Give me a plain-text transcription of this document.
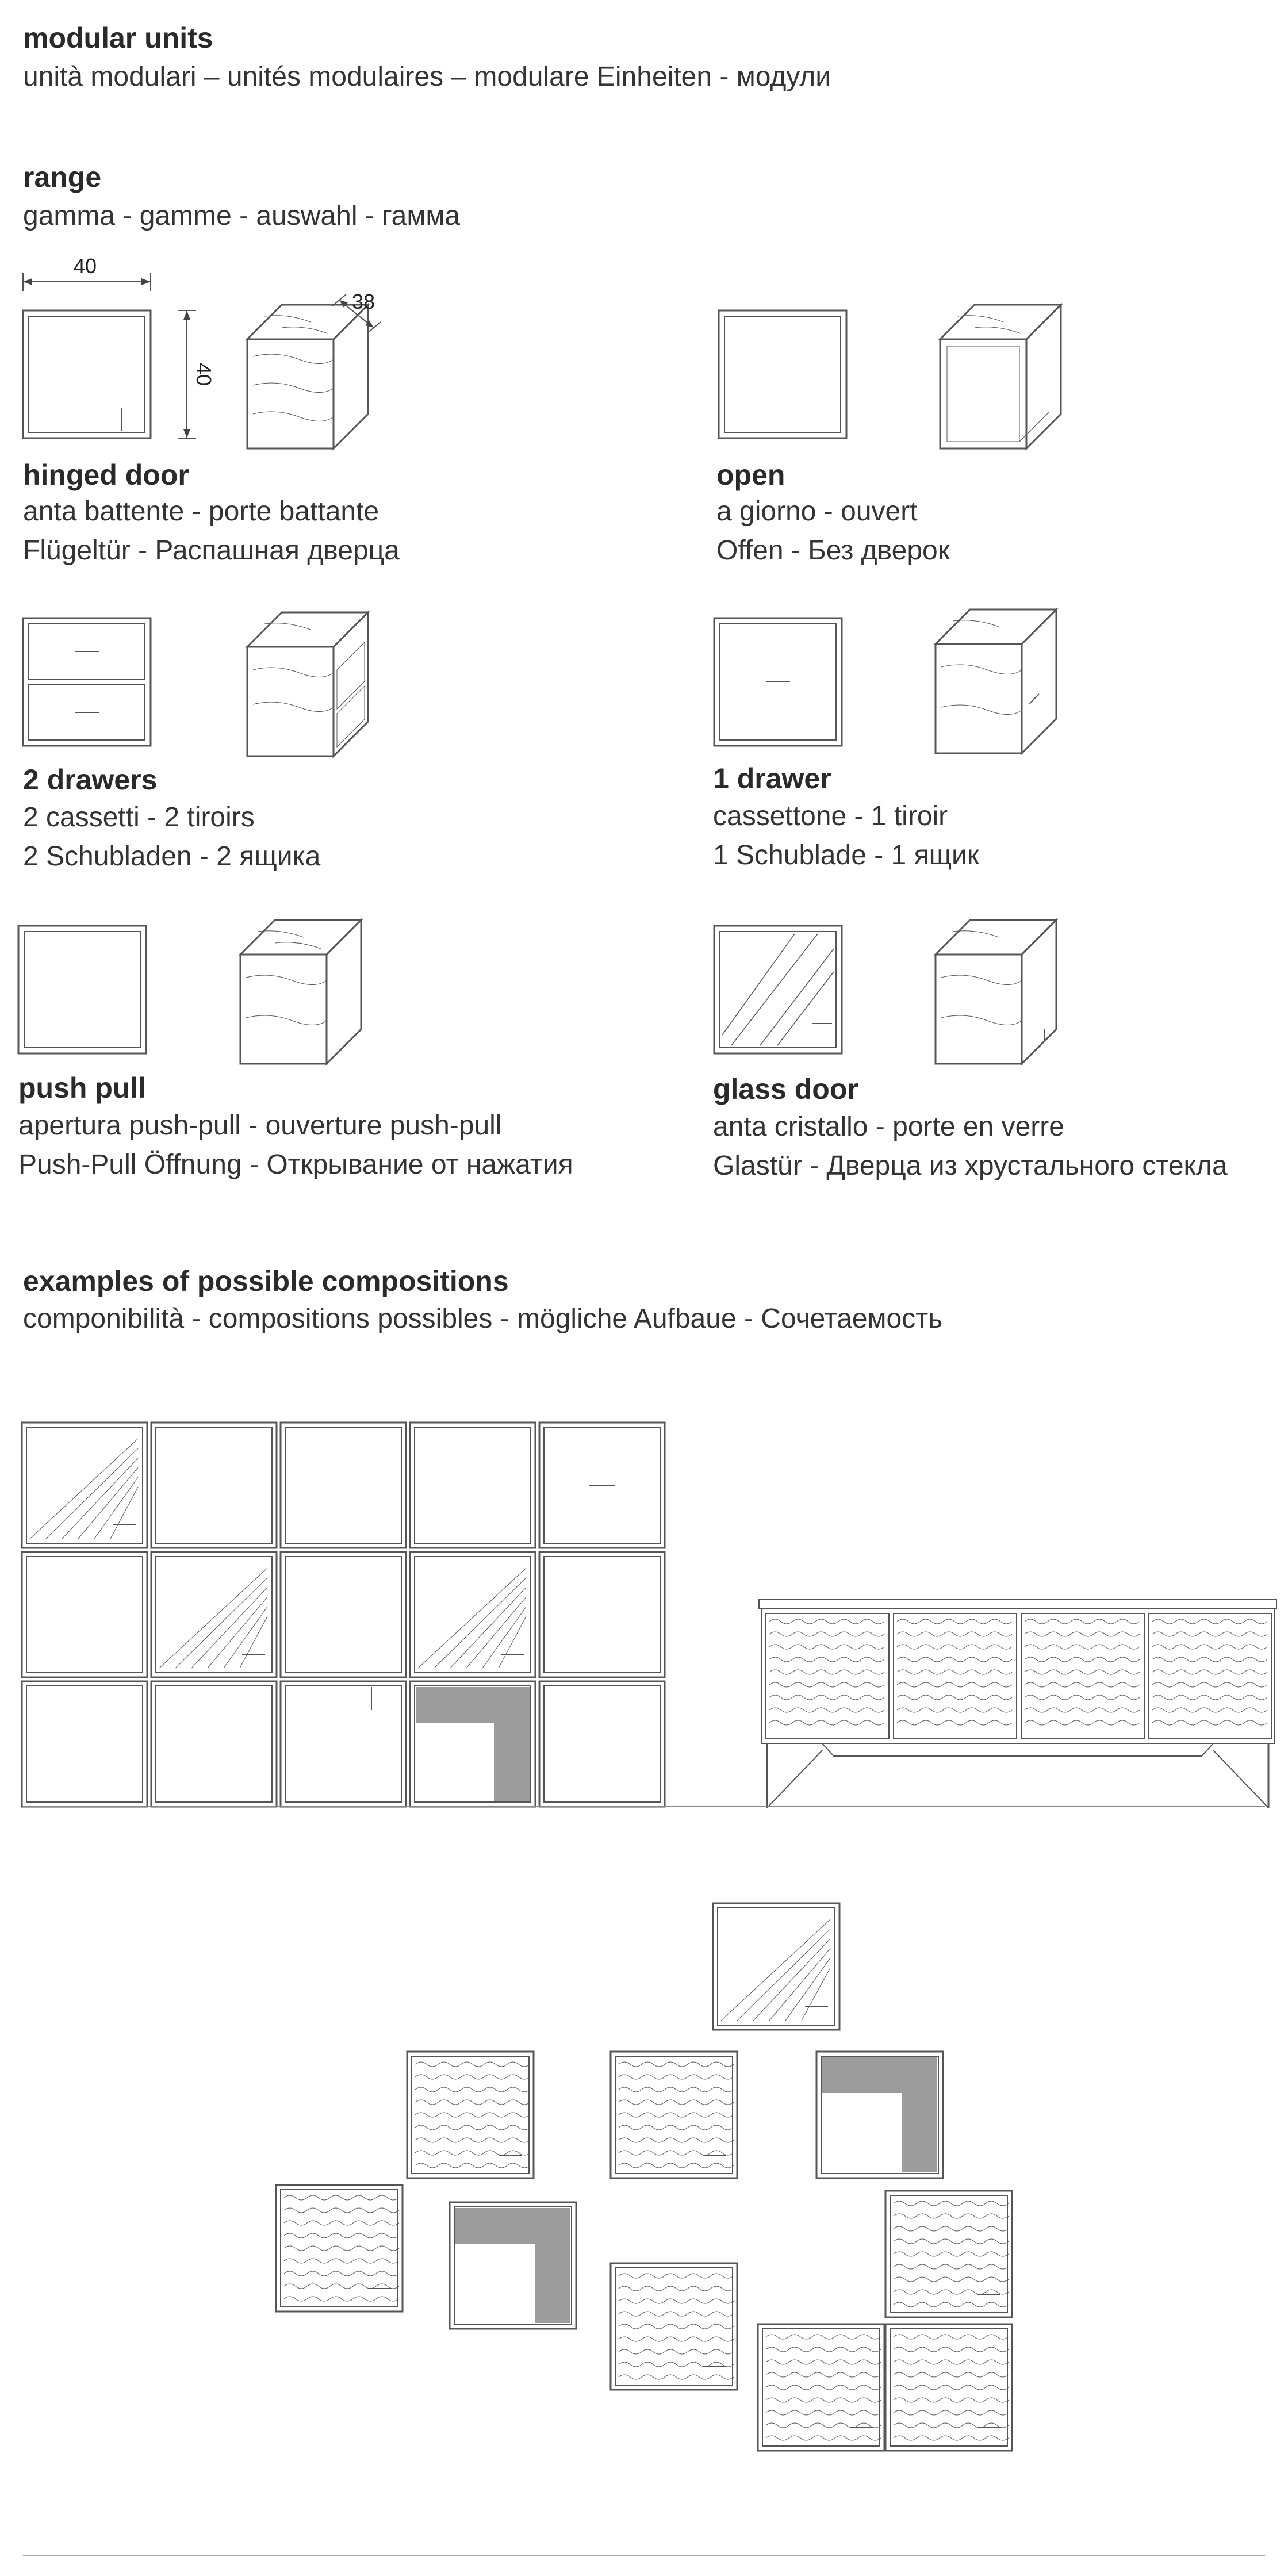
modular units
unità modulari – unités modulaires – modulare Einheiten - модули
range
gamma - gamme - auswahl - гамма
40
40
38
hinged door
anta battente - porte battante
Flügeltür - Распашная дверца
open
a giorno - ouvert
Offen - Без дверок
2 drawers
2 cassetti - 2 tiroirs
2 Schubladen - 2 ящика
1 drawer
cassettone - 1 tiroir
1 Schublade - 1 ящик
push pull
apertura push-pull - ouverture push-pull
Push-Pull Öffnung - Открывание от нажатия
glass door
anta cristallo - porte en verre
Glastür - Дверца из хрустального стекла
examples of possible compositions
componibilità - compositions possibles - mögliche Aufbaue - Сочетаемость
